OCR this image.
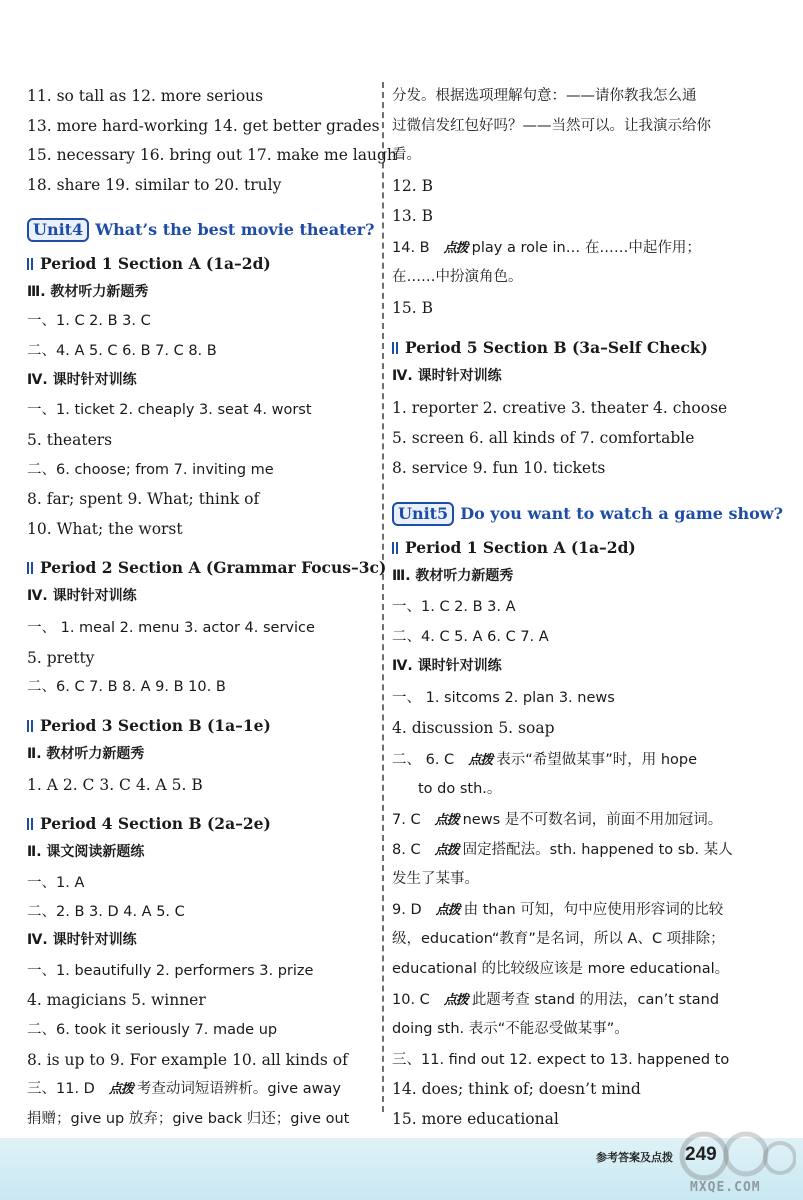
11. so tall as 12. more serious
13. more hard-working 14. get better grades
15. necessary 16. bring out 17. make me laugh
18. share 19. similar to 20. truly
Unit4 What’s the best movie theater?
Period 1 Section A (1a–2d)
Ⅲ. 教材听力新题秀
一、1. C 2. B 3. C
二、4. A 5. C 6. B 7. C 8. B
Ⅳ. 课时针对训练
一、1. ticket 2. cheaply 3. seat 4. worst
5. theaters
二、6. choose; from 7. inviting me
8. far; spent 9. What; think of
10. What; the worst
Period 2 Section A (Grammar Focus–3c)
Ⅳ. 课时针对训练
一、 1. meal 2. menu 3. actor 4. service
5. pretty
二、6. C 7. B 8. A 9. B 10. B
Period 3 Section B (1a–1e)
Ⅱ. 教材听力新题秀
1. A 2. C 3. C 4. A 5. B
Period 4 Section B (2a–2e)
Ⅱ. 课文阅读新题练
一、1. A
二、2. B 3. D 4. A 5. C
Ⅳ. 课时针对训练
一、1. beautifully 2. performers 3. prize
4. magicians 5. winner
二、6. took it seriously 7. made up
8. is up to 9. For example 10. all kinds of
三、11. D 点拨 考查动词短语辨析。give away
捐赠；give up 放弃；give back 归还；give out
分发。根据选项理解句意：——请你教我怎么通
过微信发红包好吗？——当然可以。让我演示给你
看。
12. B
13. B
14. B 点拨 play a role in… 在……中起作用；
在……中扮演角色。
15. B
Period 5 Section B (3a–Self Check)
Ⅳ. 课时针对训练
1. reporter 2. creative 3. theater 4. choose
5. screen 6. all kinds of 7. comfortable
8. service 9. fun 10. tickets
Unit5 Do you want to watch a game show?
Period 1 Section A (1a–2d)
Ⅲ. 教材听力新题秀
一、1. C 2. B 3. A
二、4. C 5. A 6. C 7. A
Ⅳ. 课时针对训练
一、 1. sitcoms 2. plan 3. news
4. discussion 5. soap
二、 6. C 点拨 表示“希望做某事”时，用 hope
to do sth.。
7. C 点拨 news 是不可数名词，前面不用加冠词。
8. C 点拨 固定搭配法。sth. happened to sb. 某人
发生了某事。
9. D 点拨 由 than 可知，句中应使用形容词的比较
级，education“教育”是名词，所以 A、C 项排除；
educational 的比较级应该是 more educational。
10. C 点拨 此题考查 stand 的用法，can’t stand
doing sth. 表示“不能忍受做某事”。
三、11. find out 12. expect to 13. happened to
14. does; think of; doesn’t mind
15. more educational
参考答案及点拨 249
MXQE.COM
